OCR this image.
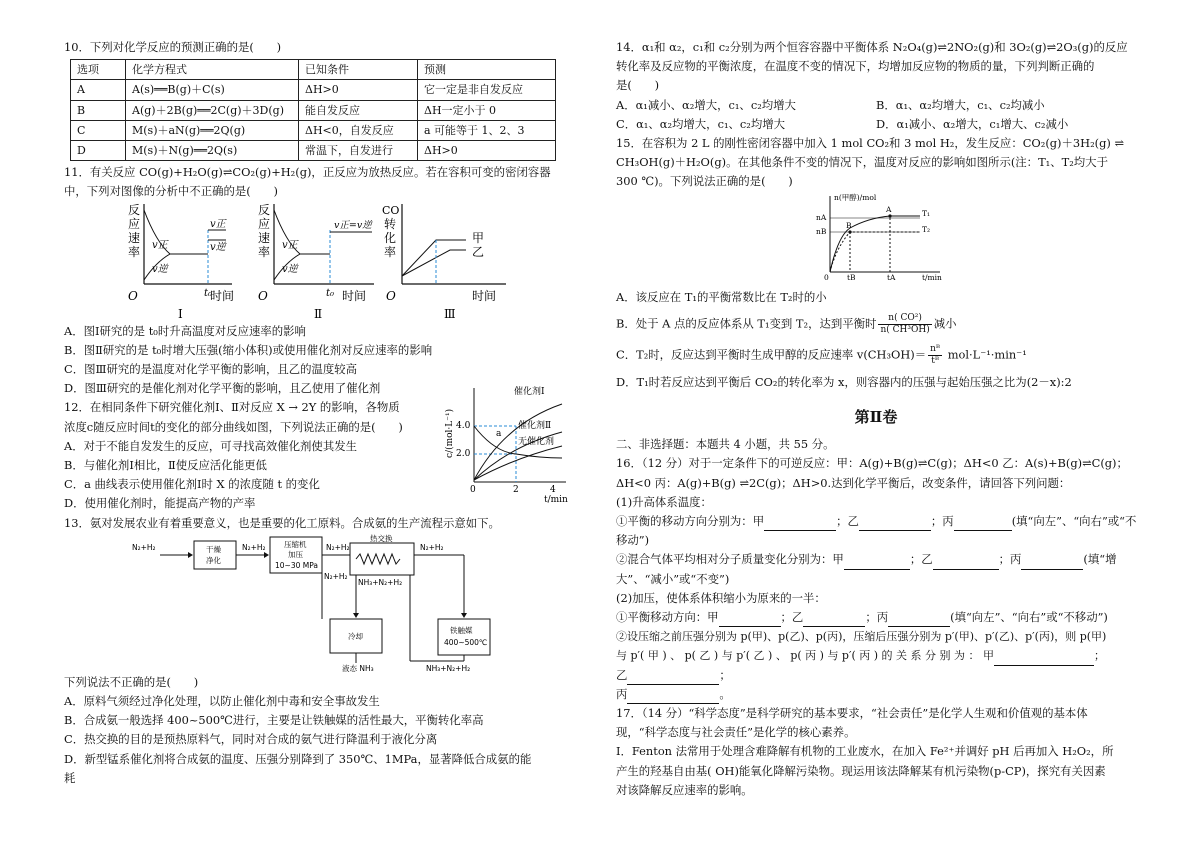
10．下列对化学反应的预测正确的是(　　)
选项	化学方程式	已知条件	预测
A	A(s)══B(g)＋C(s)	ΔH>0	它一定是非自发反应
B	A(g)＋2B(g)══2C(g)＋3D(g)	能自发反应	ΔH一定小于 0
C	M(s)＋aN(g)══2Q(g)	ΔH<0，自发反应	a 可能等于 1、2、3
D	M(s)＋N(g)══2Q(s)	常温下，自发进行	ΔH>0
11．有关反应 CO(g)+H₂O(g)⇌CO₂(g)+H₂(g)，正反应为放热反应。若在容积可变的密闭容器
中，下列对图像的分析中不正确的是(　　)
反
应
速
率 v正
v逆
v正
v逆
t₀
O	时间
Ⅰ
反
应
速
率
v正=v逆
v正
v逆
t₀
O	时间
Ⅱ
CO
转
化
率
甲
乙
O	时间
Ⅲ
A．图Ⅰ研究的是 t₀时升高温度对反应速率的影响
B．图Ⅱ研究的是 t₀时增大压强(缩小体积)或使用催化剂对反应速率的影响
C．图Ⅲ研究的是温度对化学平衡的影响，且乙的温度较高
D．图Ⅲ研究的是催化剂对化学平衡的影响，且乙使用了催化剂
12．在相同条件下研究催化剂Ⅰ、Ⅱ对反应 X → 2Y 的影响，各物质
浓度c随反应时间t的变化的部分曲线如图，下列说法正确的是(　　)
A．对于不能自发发生的反应，可寻找高效催化剂使其发生
B．与催化剂Ⅰ相比，Ⅱ使反应活化能更低
C．a 曲线表示使用催化剂Ⅰ时 X 的浓度随 t 的变化
D．使用催化剂时，能提高产物的产率
c/(mol·L⁻¹) 4.0
2.0
a
催化剂Ⅰ
催化剂Ⅱ
无催化剂
0	2	4
t/min
13．氨对发展农业有着重要意义，也是重要的化工原料。合成氨的生产流程示意如下。
N₂+H₂	干燥
净化
N₂+H₂ 压缩机
加压
10~30 MPa
N₂+H₂
热交换
N₂+H₂
铁触媒
400~500℃
N₂+H₂
NH₃+N₂+H₂
冷却
液态 NH₃	NH₃+N₂+H₂
下列说法不正确的是(　　)
A．原料气须经过净化处理，以防止催化剂中毒和安全事故发生
B．合成氨一般选择 400~500℃进行，主要是让铁触媒的活性最大，平衡转化率高
C．热交换的目的是预热原料气，同时对合成的氨气进行降温利于液化分离
D．新型锰系催化剂将合成氨的温度、压强分别降到了 350℃、1MPa，显著降低合成氨的能
耗
14．α₁和 α₂，c₁和 c₂分别为两个恒容容器中平衡体系 N₂O₄(g)⇌2NO₂(g)和 3O₂(g)⇌2O₃(g)的反应
转化率及反应物的平衡浓度，在温度不变的情况下，均增加反应物的物质的量，下列判断正确的
是(　　)
A．α₁减小、α₂增大，c₁、c₂均增大	B．α₁、α₂均增大，c₁、c₂均减小
C．α₁、α₂均增大，c₁、c₂均增大	D．α₁减小、α₂增大，c₁增大、c₂减小
15．在容积为 2 L 的刚性密闭容器中加入 1 mol CO₂和 3 mol H₂，发生反应：CO₂(g)＋3H₂(g) ⇌
CH₃OH(g)＋H₂O(g)。在其他条件不变的情况下，温度对反应的影响如图所示(注：T₁、T₂均大于
300 ℃)。下列说法正确的是(　　)
n(甲醇)/mol
nA
nB
A
B
T₁
T₂
tB	tA	t/min
0
A．该反应在 T₁的平衡常数比在 T₂时的小
B．处于 A 点的反应体系从 T₁变到 T₂，达到平衡时 $\frac{\text{n( CO²)}}{\text{n( CH³OH)}}$ 减小
C．T₂时，反应达到平衡时生成甲醇的反应速率 $v(CH_3OH)= \frac{\text{nᴮ}}{\text{tᴮ}} mol\cdot L^{-1}\cdot\min^{-1}$
D．T₁时若反应达到平衡后 CO₂的转化率为 x，则容器内的压强与起始压强之比为(2－x):2
第Ⅱ卷
二、非选择题：本题共 4 小题，共 55 分。
16．（12 分）对于一定条件下的可逆反应：甲：A(g)+B(g)⇌C(g)；ΔH<0 乙：A(s)+B(g)⇌C(g)；
ΔH<0 丙：A(g)+B(g) ⇌2C(g)；ΔH>0.达到化学平衡后，改变条件，请回答下列问题：
(1)升高体系温度：
①平衡的移动方向分别为：甲	；乙	；丙	(填“向左”、“向右”或“不
移动”)
②混合气体平均相对分子质量变化分别为：甲	；乙	；丙	(填“增
大”、“减小”或“不变”)
(2)加压，使体系体积缩小为原来的一半：
①平衡移动方向：甲	；乙	；丙	(填“向左”、“向右”或“不移动”)
②设压缩之前压强分别为 p(甲)、p(乙)、p(丙)，压缩后压强分别为 p′(甲)、p′(乙)、p′(丙)，则 p(甲)
与 p′( 甲 ) 、 p( 乙 ) 与 p′( 乙 ) 、 p( 丙 ) 与 p′( 丙 ) 的 关 系 分 别 为 ： 甲	；
乙	；
丙	。
17．（14 分）“科学态度”是科学研究的基本要求，“社会责任”是化学人生观和价值观的基本体
现，“科学态度与社会责任”是化学的核心素养。
Ⅰ．Fenton 法常用于处理含难降解有机物的工业废水，在加入 Fe²⁺并调好 pH 后再加入 H₂O₂，所
产生的羟基自由基( OH)能氧化降解污染物。现运用该法降解某有机污染物(p-CP)，探究有关因素
对该降解反应速率的影响。
